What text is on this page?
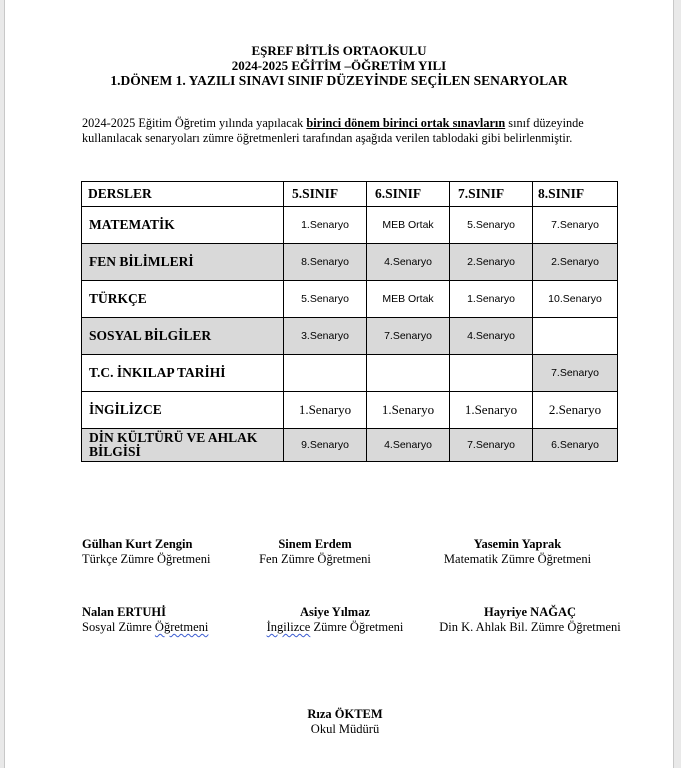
EŞREF BİTLİS ORTAOKULU
2024-2025 EĞİTİM –ÖĞRETİM YILI
1.DÖNEM 1. YAZILI SINAVI SINIF DÜZEYİNDE SEÇİLEN SENARYOLAR
2024-2025 Eğitim Öğretim yılında yapılacak birinci dönem birinci ortak sınavların sınıf düzeyinde kullanılacak senaryoları zümre öğretmenleri tarafından aşağıda verilen tablodaki gibi belirlenmiştir.
DERSLER	5.SINIF	6.SINIF	7.SINIF	8.SINIF
MATEMATİK	1.Senaryo	MEB Ortak	5.Senaryo	7.Senaryo
FEN BİLİMLERİ	8.Senaryo	4.Senaryo	2.Senaryo	2.Senaryo
TÜRKÇE	5.Senaryo	MEB Ortak	1.Senaryo	10.Senaryo
SOSYAL BİLGİLER	3.Senaryo	7.Senaryo	4.Senaryo	
T.C. İNKILAP TARİHİ				7.Senaryo
İNGİLİZCE	1.Senaryo	1.Senaryo	1.Senaryo	2.Senaryo
DİN KÜLTÜRÜ VE AHLAK BİLGİSİ	9.Senaryo	4.Senaryo	7.Senaryo	6.Senaryo
Gülhan Kurt Zengin
Türkçe Zümre Öğretmeni
Sinem Erdem
Fen Zümre Öğretmeni
Yasemin Yaprak
Matematik Zümre Öğretmeni
Nalan ERTUHİ
Sosyal Zümre Öğretmeni
Asiye Yılmaz
İngilizce Zümre Öğretmeni
Hayriye NAĞAÇ
Din K. Ahlak Bil. Zümre Öğretmeni
Rıza ÖKTEM
Okul Müdürü
